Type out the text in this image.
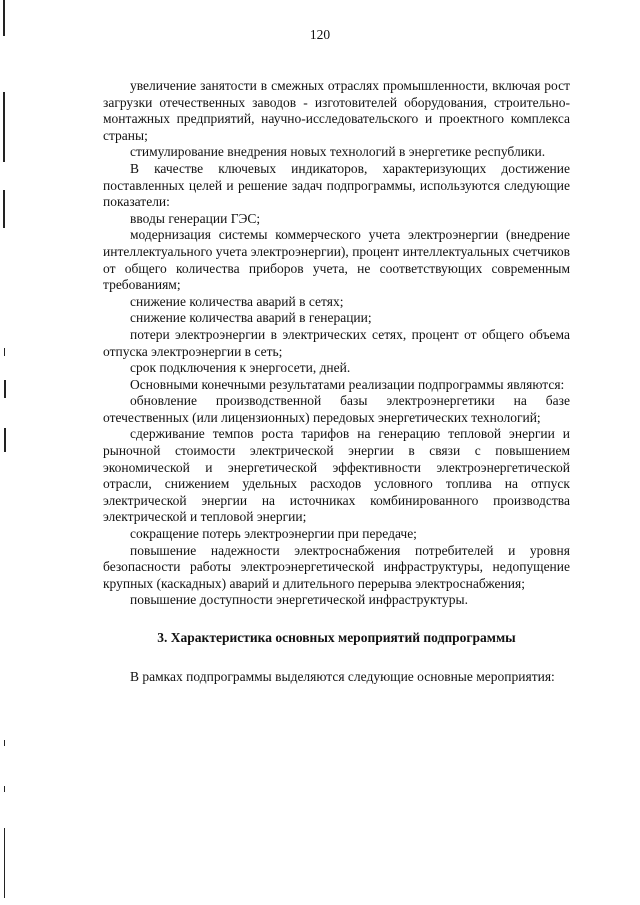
120

увеличение занятости в смежных отраслях промышленности, включая рост загрузки отечественных заводов - изготовителей оборудования, строительно-монтажных предприятий, научно-исследовательского и проектного комплекса страны;

стимулирование внедрения новых технологий в энергетике республики.

В качестве ключевых индикаторов, характеризующих достижение поставленных целей и решение задач подпрограммы, используются следующие показатели:

вводы генерации ГЭС;

модернизация системы коммерческого учета электроэнергии (внедрение интеллектуального учета электроэнергии), процент интеллектуальных счетчиков от общего количества приборов учета, не соответствующих современным требованиям;

снижение количества аварий в сетях;

снижение количества аварий в генерации;

потери электроэнергии в электрических сетях, процент от общего объема отпуска электроэнергии в сеть;

срок подключения к энергосети, дней.

Основными конечными результатами реализации подпрограммы являются:

обновление производственной базы электроэнергетики на базе отечественных (или лицензионных) передовых энергетических технологий;

сдерживание темпов роста тарифов на генерацию тепловой энергии и рыночной стоимости электрической энергии в связи с повышением экономической и энергетической эффективности электроэнергетической отрасли, снижением удельных расходов условного топлива на отпуск электрической энергии на источниках комбинированного производства электрической и тепловой энергии;

сокращение потерь электроэнергии при передаче;

повышение надежности электроснабжения потребителей и уровня безопасности работы электроэнергетической инфраструктуры, недопущение крупных (каскадных) аварий и длительного перерыва электроснабжения;

повышение доступности энергетической инфраструктуры.

3. Характеристика основных мероприятий подпрограммы

В рамках подпрограммы выделяются следующие основные мероприятия:
